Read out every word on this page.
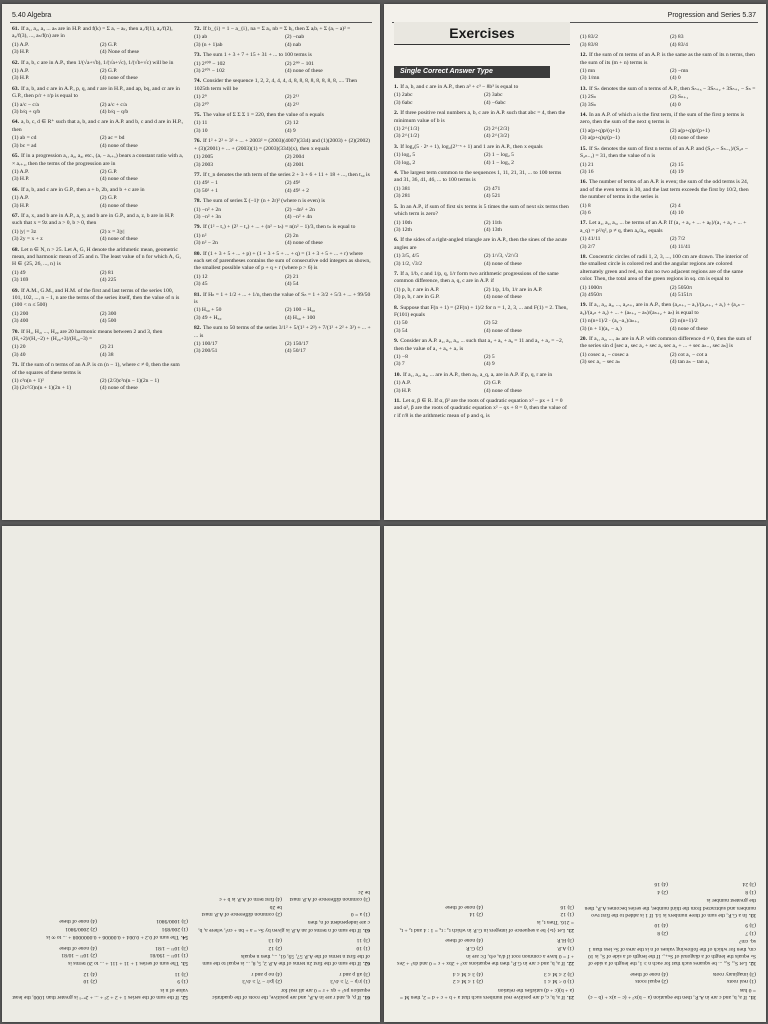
5.40 Algebra
61. If a₁, a₂, a₃ ... aₙ are in H.P. and f(k) = Σ aᵣ − aₖ, then a₁/f(1), a₂/f(2), a₃/f(3), ..., aₙ/f(n) are in
(1) A.P.	(2) G.P.
(3) H.P.	(4) None of these
62. If a, b, c are in A.P., then 1/(√a+√b), 1/(√a+√c), 1/(√b+√c) will be in
(1) A.P.	(2) G.P.
(3) H.P.	(4) none of these
63. If a, b, and c are in A.P., p, q, and r are in H.P., and ap, bq, and cr are in G.P., then p/r + r/p is equal to
(1) a/c − c/a	(2) a/c + c/a
(3) b/q + q/b	(4) b/q − q/b
64. a, b, c, d ∈ R⁺ such that a, b, and c are in A.P. and b, c and d are in H.P., then
(1) ab = cd	(2) ac = bd
(3) bc = ad	(4) none of these
65. If in a progression a₁, a₂, a₃, etc., (aᵣ − aᵣ₊₁) bears a constant ratio with aᵣ × aᵣ₊₁, then the terms of the progression are in
(1) A.P.	(2) G.P.
(3) H.P.	(4) none of these
66. If a, b, and c are in G.P., then a + b, 2b, and b + c are in
(1) A.P.	(2) G.P.
(3) H.P.	(4) none of these
67. If a, x, and b are in A.P., a, y, and b are in G.P., and a, z, b are in H.P. such that x = 9z and a > 0, b > 0, then
(1) |y| = 3z	(2) x = 3|y|
(3) 2y = x + z	(4) none of these
68. Let n ∈ N, n > 25. Let A, G, H denote the arithmetic mean, geometric mean, and harmonic mean of 25 and n. The least value of n for which A, G, H ∈ {25, 26, ..., n} is
(1) 49	(2) 81
(3) 169	(4) 225
69. If A.M., G.M., and H.M. of the first and last terms of the series 100, 101, 102, ..., n − 1, n are the terms of the series itself, then the value of n is (100 < n ≤ 500)
(1) 200	(2) 300
(3) 400	(4) 500
70. If H₁, H₂, ..., H₂₀ are 20 harmonic means between 2 and 3, then (H₁+2)/(H₁−2) + (H₂₀+3)/(H₂₀−3) =
(1) 20	(2) 21
(3) 40	(4) 38
71. If the sum of n terms of an A.P. is cn (n − 1), where c ≠ 0, then the sum of the squares of these terms is
(1) c²n(n + 1)²	(2) (2/3)c²n(n − 1)(2n − 1)
(3) (2c²/3)n(n + 1)(2n + 1)	(4) none of these
72. If b_{i} = 1 − a_{i}, na = Σ aᵢ, nb = Σ bᵢ, then Σ aᵢbᵢ + Σ (aᵢ − a)² =
(1) ab	(2) −nab
(3) (n + 1)ab	(4) nab
73. The sum 1 + 3 + 7 + 15 + 31 + ... to 100 terms is
(1) 2¹⁰⁰ − 102	(2) 2⁹⁹ − 101
(3) 2¹⁰¹ − 102	(4) none of these
74. Consider the sequence 1, 2, 2, 4, 4, 4, 4, 8, 8, 8, 8, 8, 8, 8, 8, .... Then 1025th term will be
(1) 2⁹	(2) 2¹¹
(3) 2¹⁰	(4) 2¹²
75. The value of Σ Σ Σ 1 = 220, then the value of n equals
(1) 11	(2) 12
(3) 10	(4) 9
76. If 1² + 2² + 3² + ... + 2003² = (2003)(4007)(334) and (1)(2003) + (2)(2002) + (3)(2001) + ... + (2003)(1) = (2003)(334)(x), then x equals
(1) 2005	(2) 2004
(3) 2003	(4) 2001
77. If t_n denotes the nth term of the series 2 + 3 + 6 + 11 + 18 + ..., then t₅₀ is
(1) 49² − 1	(2) 49²
(3) 50² + 1	(4) 49² + 2
78. The sum of series Σ (−1)ʳ (n + 2r)² (where n is even) is
(1) −n² + 2n	(2) −4n² + 2n
(3) −n² + 3n	(4) −n² + 4n
79. If (1² − t₁) + (2² − t₂) + ... + (n² − tₙ) = n(n² − 1)/3, then tₙ is equal to
(1) n²	(2) 2n
(3) n² − 2n	(4) none of these
80. If (1 + 3 + 5 + ... + p) + (1 + 3 + 5 + ... + q) = (1 + 3 + 5 + ... + r) where each set of parentheses contains the sum of consecutive odd integers as shown, the smallest possible value of p + q + r (where p > 6) is
(1) 12	(2) 21
(3) 45	(4) 54
81. If Hₙ = 1 + 1/2 + ... + 1/n, then the value of Sₙ = 1 + 3/2 + 5/3 + ... + 99/50 is
(1) H₅₀ + 50	(2) 100 − H₅₀
(3) 49 + H₅₀	(4) H₅₀ + 100
82. The sum to 50 terms of the series 3/1² + 5/(1² + 2²) + 7/(1² + 2² + 3²) + ... + ... is
(1) 100/17	(2) 150/17
(3) 200/51	(4) 50/17
Progression and Series 5.37
Exercises
Single Correct Answer Type
1. If a, b, and c are in A.P., then a³ + c³ − 8b³ is equal to
(1) 2abc	(2) 3abc
(3) 6abc	(4) −6abc
2. If three positive real numbers a, b, c are in A.P. such that abc = 4, then the minimum value of b is
(1) 2^{1/3}	(2) 2^{2/3}
(3) 2^{1/2}	(4) 2^{3/2}
3. If log₂(5 · 2ˣ + 1), log₄(2¹⁻ˣ + 1) and 1 are in A.P., then x equals
(1) log₂ 5	(2) 1 − log₂ 5
(3) log₅ 2	(4) 1 − log₅ 2
4. The largest term common to the sequences 1, 11, 21, 31, ... to 100 terms and 31, 36, 41, 46, ... to 100 terms is
(1) 381	(2) 471
(3) 281	(4) 521
5. In an A.P., if sum of first six terms is 5 times the sum of next six terms then which term is zero?
(1) 10th	(2) 11th
(3) 12th	(4) 13th
6. If the sides of a right-angled triangle are in A.P., then the sines of the acute angles are
(1) 3/5, 4/5	(2) 1/√3, √2/√3
(3) 1/2, √3/2	(4) none of these
7. If a, 1/b, c and 1/p, q, 1/r form two arithmetic progressions of the same common difference, then a, q, c are in A.P. if
(1) p, b, r are in A.P.	(2) 1/p, 1/b, 1/r are in A.P.
(3) p, b, r are in G.P.	(4) none of these
8. Suppose that F(n + 1) = (2F(n) + 1)/2 for n = 1, 2, 3, ... and F(1) = 2. Then, F(101) equals
(1) 50	(2) 52
(3) 54	(4) none of these
9. Consider an A.P. a₁, a₂, a₃, ... such that a₃ + a₅ + a₈ = 11 and a₄ + a₂ = −2, then the value of a₁ + a₆ + a₇ is
(1) −8	(2) 5
(3) 7	(4) 9
10. If a₁, a₂, a₃, ... are in A.P., then aₚ, a_q, aᵣ are in A.P. if p, q, r are in
(1) A.P.	(2) G.P.
(3) H.P.	(4) none of these
11. Let α, β ∈ R. If α, β² are the roots of quadratic equation x² − px + 1 = 0 and α², β are the roots of quadratic equation x² − qx + 8 = 0, then the value of r if r/8 is the arithmetic mean of p and q, is
(1) 83/2	(2) 83
(3) 83/8	(4) 83/4
12. If the sum of m terms of an A.P. is the same as the sum of its n terms, then the sum of its (m + n) terms is
(1) mn	(2) −mn
(3) 1/mn	(4) 0
13. If Sₙ denotes the sum of n terms of A.P., then Sₙ₊₃ − 3Sₙ₊₂ + 3Sₙ₊₁ − Sₙ =
(1) 2Sₙ	(2) Sₙ₊₁
(3) 3Sₙ	(4) 0
14. In an A.P. of which a is the first term, if the sum of the first p terms is zero, then the sum of the next q terms is
(1) a(p+q)p/(q+1)	(2) a(p+q)p/(p+1)
(3) a(p+q)q/(p−1)	(4) none of these
15. If Sₙ denotes the sum of first n terms of an A.P. and (S₃ₙ − Sₙ₋₁)/(S₂ₙ − S₂ₙ₋₁) = 31, then the value of n is
(1) 21	(2) 15
(3) 16	(4) 19
16. The number of terms of an A.P. is even; the sum of the odd terms is 24, and of the even terms is 30, and the last term exceeds the first by 10/2, then the number of terms in the series is
(1) 8	(2) 4
(3) 6	(4) 10
17. Let a₁, a₂, a₃, ... be terms of an A.P. If (a₁ + a₂ + ... + aₚ)/(a₁ + a₂ + ... + a_q) = p²/q², p ≠ q, then a₆/a₂₁ equals
(1) 41/11	(2) 7/2
(3) 2/7	(4) 11/41
18. Concentric circles of radii 1, 2, 3, ..., 100 cm are drawn. The interior of the smallest circle is colored red and the angular regions are colored alternately green and red, so that no two adjacent regions are of the same color. Then, the total area of the green regions in sq. cm is equal to
(1) 1000π	(2) 5050π
(3) 4950π	(4) 5151π
19. If a₁, a₂, a₃, ..., a₂ₙ₊₁ are in A.P., then (a₂ₙ₊₁ − a₁)/(a₂ₙ₊₁ + a₁) + (a₂ₙ − a₂)/(a₂ₙ + a₂) + ... + (aₙ₊₂ − aₙ)/(aₙ₊₂ + aₙ) is equal to
(1) n(n+1)/2 · (a₂−a₁)/aₙ₊₁	(2) n(n+1)/2
(3) (n + 1)(a₂ − a₁)	(4) none of these
20. If a₁, a₂, ..., aₙ are in A.P. with common difference d ≠ 0, then the sum of the series sin d [sec a₁ sec a₂ + sec a₂ sec a₃ + ... + sec aₙ₋₁ sec aₙ] is
(1) cosec a₁ − cosec a	(2) cot a₁ − cot a
(3) sec a₁ − sec aₙ	(4) tan aₙ − tan a₁
61.If p, q, and r are in A.P., and are positive, the roots of the quadratic equation px² + qx + r = 0 are all real for
(1) |r/p − 7| ≥ 4√3
(2) |p/r − 7| ≥ 4√3
(3) all p and r
(4) no p and r
62.If the sum of the first 2n terms of the A.P. 2, 5, 8, ... is equal to the sum of the first n terms of the A.P. 57, 59, 61, ..., then n equals
(1) 10
(2) 12
(3) 11
(4) 13
63.If the sum of n terms of an A.P. is given by Sₙ = a + bn + cn², where a, b, c are independent of n, then
(1) a = 0
(2) common difference of A.P. must be 2b
(3) common difference of A.P. must be 2c
(4) first term of A.P. is b + c
52.If the sum of the series 1 + 2 + 2² + ... + 2ⁿ⁻¹ is greater than 1000, the least value of n is
(1) 9
(2) 10
(3) 11
(4) 12
53.The sum of series 1 + 11 + 111 + ... to 20 terms is
(1) 10²¹ − 190/81
(2) 10²¹ − 10/81
(3) 10²¹ − 1/81
(4) none of these
54.The sum of 0.2 + 0.004 + 0.00006 + 0.0000008 + ... to ∞ is
(1) 200/891
(2) 2000/9801
(3) 1000/9801
(4) none of these
31.If a, b, and c are in A.P., then the equation (a − b)x² + (c − a)x + (b − c) = 0 has
(1) real roots
(2) equal roots
(3) imaginary roots
(4) none of these
32.Let S₁, S₂, ... be squares such that for each n ≥ 1, the length of a side of Sₙ equals the length of a diagonal of Sₙ₊₁. If the length of a side of S₁ is 10 cm, then for which of the following values of n is the area of Sₙ less than 1 sq. cm?
(1) 7
(2) 8
(3) 9
(4) 10
33.In a G.P., the sum of three numbers is 14. If 1 is added to the first two numbers and subtracted from the third number, the series becomes A.P., then the greatest number is
(1) 8
(2) 4
(3) 24
(4) 16
21.If a, b, c, d are positive real numbers such that a + b + c + d = 2, then M = (a + b)(c + d) satisfies the relation
(1) 0 < M ≤ 1
(2) 1 ≤ M ≤ 2
(3) 2 ≤ M ≤ 3
(4) 3 ≤ M ≤ 4
22.If a, b, and c are in G.P., then the equations ax² + 2bx + c = 0 and dx² + 2ex + f = 0 have a common root if d/a, e/b, f/c are in
(1) A.P.
(2) G.P.
(3) H.P.
(4) none of these
23.Let {tₙ} be a sequence of integers in G.P. in which t₄ : t₆ = 1 : 4 and t₂ + t₅ = 216. Then t₁ is
(1) 12
(2) 14
(3) 16
(4) none of these
